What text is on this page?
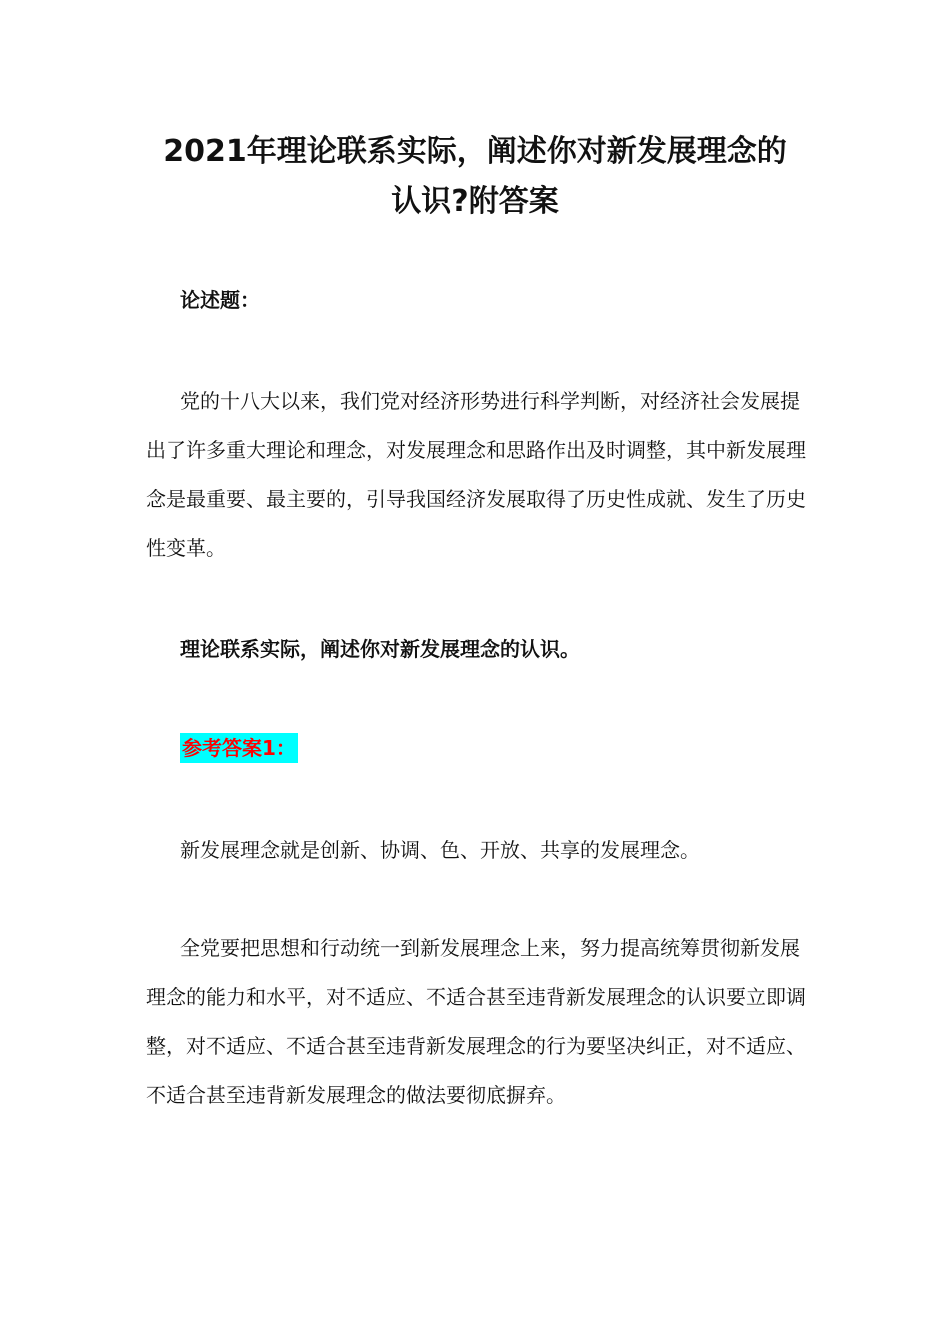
2021年理论联系实际，阐述你对新发展理念的
认识?附答案

论述题：

党的十八大以来，我们党对经济形势进行科学判断，对经济社会发展提出了许多重大理论和理念，对发展理念和思路作出及时调整，其中新发展理念是最重要、最主要的，引导我国经济发展取得了历史性成就、发生了历史性变革。

理论联系实际，阐述你对新发展理念的认识。

参考答案1：

新发展理念就是创新、协调、色、开放、共享的发展理念。

全党要把思想和行动统一到新发展理念上来，努力提高统筹贯彻新发展理念的能力和水平，对不适应、不适合甚至违背新发展理念的认识要立即调整，对不适应、不适合甚至违背新发展理念的行为要坚决纠正，对不适应、不适合甚至违背新发展理念的做法要彻底摒弃。
